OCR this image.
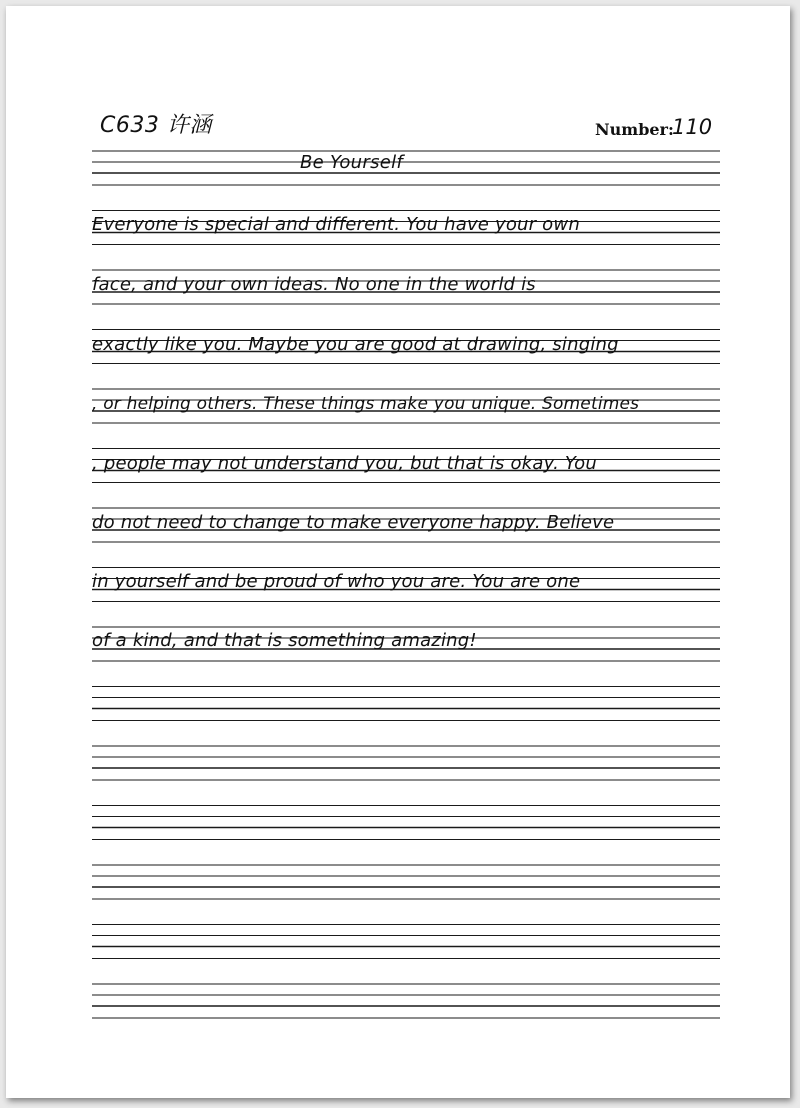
C633 许涵	Number:
110
Be Yourself
Everyone is special and different. You have your own
face, and your own ideas. No one in the world is
exactly like you. Maybe you are good at drawing, singing
, or helping others. These things make you unique. Sometimes
, people may not understand you, but that is okay. You
do not need to change to make everyone happy. Believe
in yourself and be proud of who you are. You are one
of a kind, and that is something amazing!
